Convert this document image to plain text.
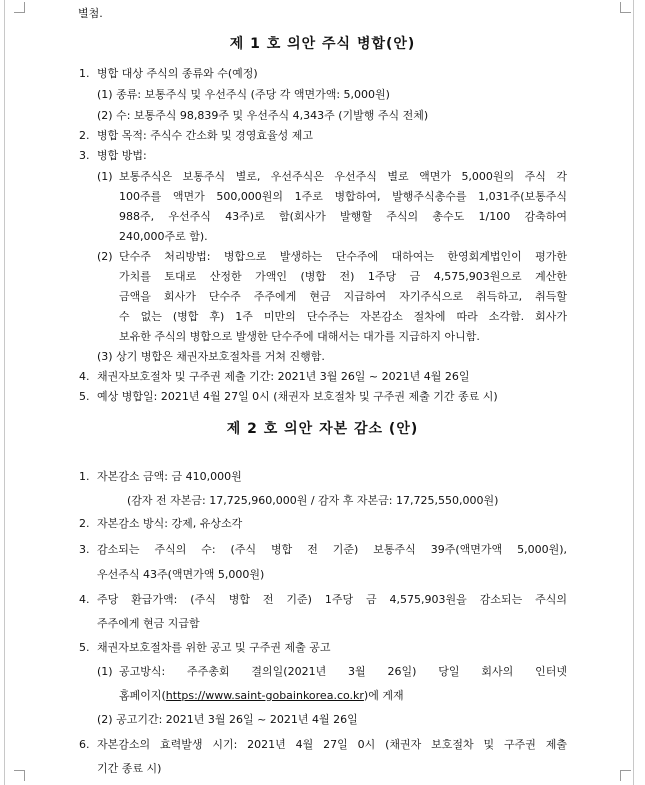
별첨.
제 1 호 의안 주식 병합(안)
1. 병합 대상 주식의 종류와 수(예정)
(1) 종류: 보통주식 및 우선주식 (주당 각 액면가액: 5,000원)
(2) 수: 보통주식 98,839주 및 우선주식 4,343주 (기발행 주식 전체)
2. 병합 목적: 주식수 간소화 및 경영효율성 제고
3. 병합 방법:
(1) 보통주식은 보통주식 별로, 우선주식은 우선주식 별로 액면가 5,000원의 주식 각
100주를 액면가 500,000원의 1주로 병합하여, 발행주식총수를 1,031주(보통주식
988주, 우선주식 43주)로 함(회사가 발행할 주식의 총수도 1/100 감축하여
240,000주로 함).
(2) 단수주 처리방법: 병합으로 발생하는 단수주에 대하여는 한영회계법인이 평가한
가치를 토대로 산정한 가액인 (병합 전) 1주당 금 4,575,903원으로 계산한
금액을 회사가 단수주 주주에게 현금 지급하여 자기주식으로 취득하고, 취득할
수 없는 (병합 후) 1주 미만의 단수주는 자본감소 절차에 따라 소각함. 회사가
보유한 주식의 병합으로 발생한 단수주에 대해서는 대가를 지급하지 아니함.
(3) 상기 병합은 채권자보호절차를 거쳐 진행함.
4. 채권자보호절차 및 구주권 제출 기간: 2021년 3월 26일 ~ 2021년 4월 26일
5. 예상 병합일: 2021년 4월 27일 0시 (채권자 보호절차 및 구주권 제출 기간 종료 시)
제 2 호 의안 자본 감소 (안)
1. 자본감소 금액: 금 410,000원
(감자 전 자본금: 17,725,960,000원 / 감자 후 자본금: 17,725,550,000원)
2. 자본감소 방식: 강제, 유상소각
3. 감소되는 주식의 수: (주식 병합 전 기준) 보통주식 39주(액면가액 5,000원),
우선주식 43주(액면가액 5,000원)
4. 주당 환급가액: (주식 병합 전 기준) 1주당 금 4,575,903원을 감소되는 주식의
주주에게 현금 지급함
5. 채권자보호절차를 위한 공고 및 구주권 제출 공고
(1) 공고방식: 주주총회 결의일(2021년 3월 26일) 당일 회사의 인터넷
홈페이지(https://www.saint-gobainkorea.co.kr)에 게재
(2) 공고기간: 2021년 3월 26일 ~ 2021년 4월 26일
6. 자본감소의 효력발생 시기: 2021년 4월 27일 0시 (채권자 보호절차 및 구주권 제출
기간 종료 시)
